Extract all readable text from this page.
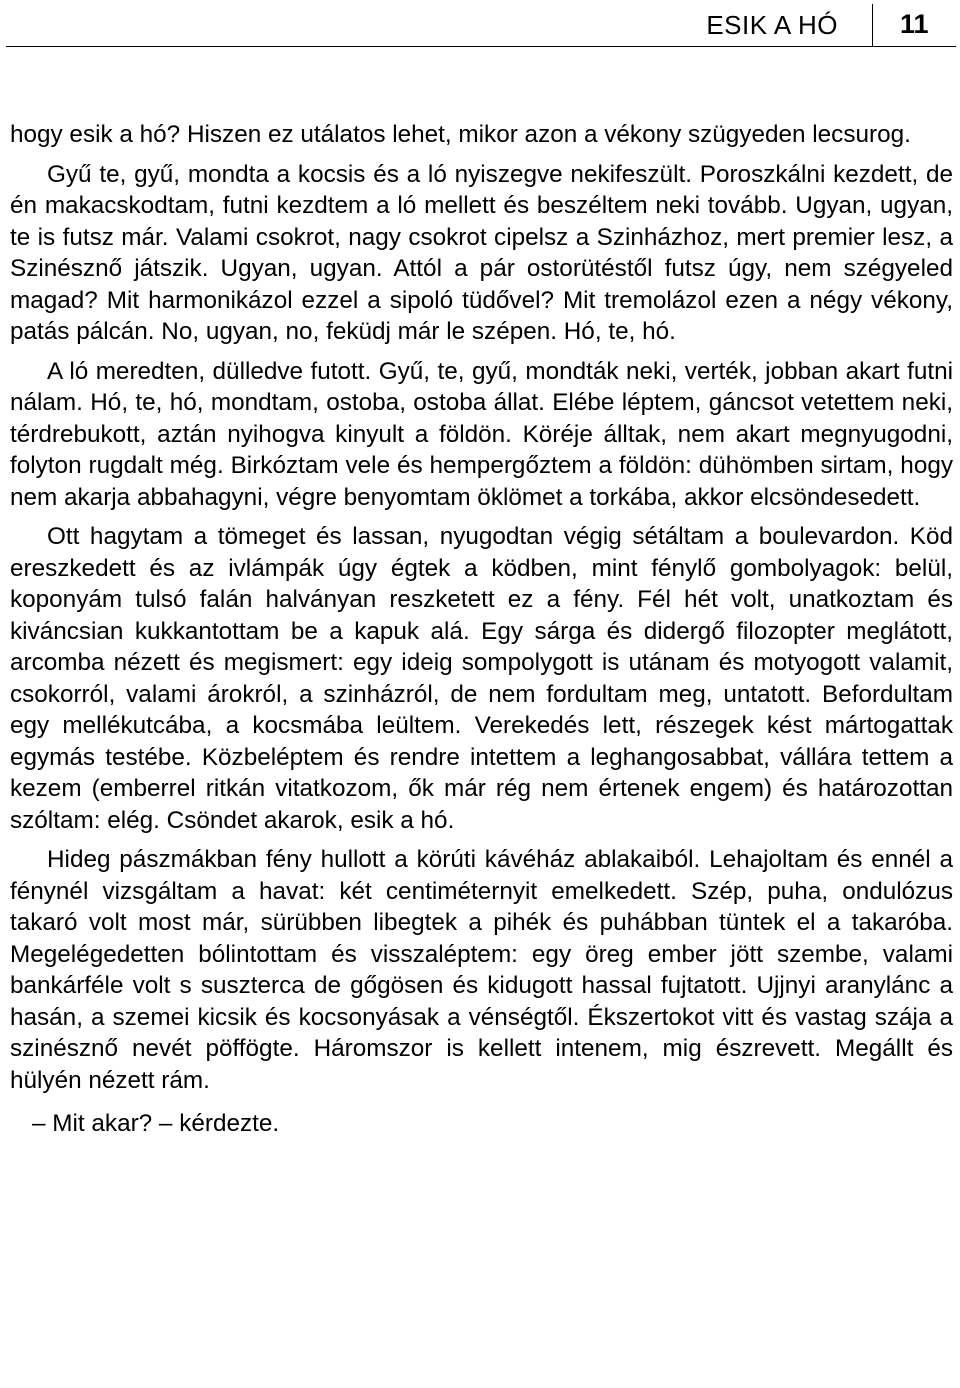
ESIK A HÓ 11

hogy esik a hó? Hiszen ez utálatos lehet, mikor azon a vékony szügyeden lecsurog.

Gyű te, gyű, mondta a kocsis és a ló nyiszegve nekifeszült. Poroszkálni kezdett, de én makacskodtam, futni kezdtem a ló mellett és beszéltem neki tovább. Ugyan, ugyan, te is futsz már. Valami csokrot, nagy csokrot cipelsz a Szinházhoz, mert premier lesz, a Szinésznő játszik. Ugyan, ugyan. Attól a pár ostorütéstől futsz úgy, nem szégyeled magad? Mit harmonikázol ezzel a sipoló tüdővel? Mit tremolázol ezen a négy vékony, patás pálcán. No, ugyan, no, feküdj már le szépen. Hó, te, hó.

A ló meredten, dülledve futott. Gyű, te, gyű, mondták neki, verték, jobban akart futni nálam. Hó, te, hó, mondtam, ostoba, ostoba állat. Elébe léptem, gáncsot vetettem neki, térdrebukott, aztán nyihogva kinyult a földön. Köréje álltak, nem akart megnyugodni, folyton rugdalt még. Birkóztam vele és hempergőztem a földön: dühömben sirtam, hogy nem akarja abbahagyni, végre benyomtam öklömet a torkába, akkor elcsöndesedett.

Ott hagytam a tömeget és lassan, nyugodtan végig sétáltam a boulevardon. Köd ereszkedett és az ivlámpák úgy égtek a ködben, mint fénylő gombolyagok: belül, koponyám tulsó falán halványan reszketett ez a fény. Fél hét volt, unatkoztam és kiváncsian kukkantottam be a kapuk alá. Egy sárga és didergő filozopter meglátott, arcomba nézett és megismert: egy ideig sompolygott is utánam és motyogott valamit, csokorról, valami árokról, a szinházról, de nem fordultam meg, untatott. Befordultam egy mellékutcába, a kocsmába leültem. Verekedés lett, részegek kést mártogattak egymás testébe. Közbeléptem és rendre intettem a leghangosabbat, vállára tettem a kezem (emberrel ritkán vitatkozom, ők már rég nem értenek engem) és határozottan szóltam: elég. Csöndet akarok, esik a hó.

Hideg pászmákban fény hullott a körúti kávéház ablakaiból. Lehajoltam és ennél a fénynél vizsgáltam a havat: két centiméternyit emelkedett. Szép, puha, ondulózus takaró volt most már, sürübben libegtek a pihék és puhábban tüntek el a takaróba. Megelégedetten bólintottam és visszaléptem: egy öreg ember jött szembe, valami bankárféle volt s suszterca de gőgösen és kidugott hassal fujtatott. Ujjnyi aranylánc a hasán, a szemei kicsik és kocsonyásak a vénségtől. Ékszertokot vitt és vastag szája a szinésznő nevét pöffögte. Háromszor is kellett intenem, mig észrevett. Megállt és hülyén nézett rám.

– Mit akar? – kérdezte.
